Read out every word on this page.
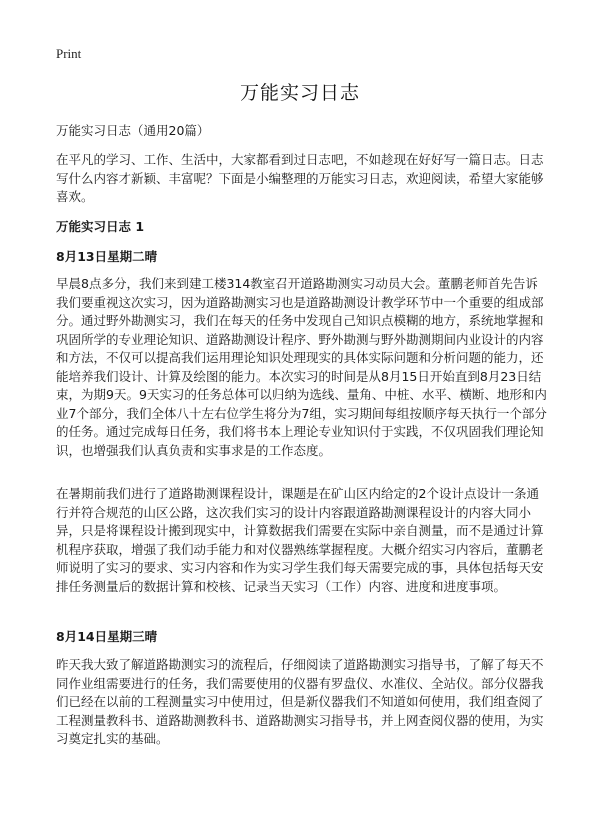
Print
万能实习日志
万能实习日志（通用20篇）
在平凡的学习、工作、生活中，大家都看到过日志吧，不如趁现在好好写一篇日志。日志写什么内容才新颖、丰富呢？下面是小编整理的万能实习日志，欢迎阅读，希望大家能够喜欢。
万能实习日志 1
8月13日星期二晴

早晨8点多分，我们来到建工楼314教室召开道路勘测实习动员大会。董鹏老师首先告诉我们要重视这次实习，因为道路勘测实习也是道路勘测设计教学环节中一个重要的组成部分。通过野外勘测实习，我们在每天的任务中发现自己知识点模糊的地方，系统地掌握和巩固所学的专业理论知识、道路勘测设计程序、野外勘测与野外勘测期间内业设计的内容和方法，不仅可以提高我们运用理论知识处理现实的具体实际问题和分析问题的能力，还能培养我们设计、计算及绘图的能力。本次实习的时间是从8月15日开始直到8月23日结束，为期9天。9天实习的任务总体可以归纳为选线、量角、中桩、水平、横断、地形和内业7个部分，我们全体八十左右位学生将分为7组，实习期间每组按顺序每天执行一个部分的任务。通过完成每日任务，我们将书本上理论专业知识付于实践，不仅巩固我们理论知识，也增强我们认真负责和实事求是的工作态度。

在暑期前我们进行了道路勘测课程设计，课题是在矿山区内给定的2个设计点设计一条通行并符合规范的山区公路，这次我们实习的设计内容跟道路勘测课程设计的内容大同小异，只是将课程设计搬到现实中，计算数据我们需要在实际中亲自测量，而不是通过计算机程序获取，增强了我们动手能力和对仪器熟练掌握程度。大概介绍实习内容后，董鹏老师说明了实习的要求、实习内容和作为实习学生我们每天需要完成的事，具体包括每天安排任务测量后的数据计算和校核、记录当天实习（工作）内容、进度和进度事项。

8月14日星期三晴

昨天我大致了解道路勘测实习的流程后，仔细阅读了道路勘测实习指导书，了解了每天不同作业组需要进行的任务，我们需要使用的仪器有罗盘仪、水准仪、全站仪。部分仪器我们已经在以前的工程测量实习中使用过，但是新仪器我们不知道如何使用，我们组查阅了工程测量教科书、道路勘测教科书、道路勘测实习指导书，并上网查阅仪器的使用，为实习奠定扎实的基础。
